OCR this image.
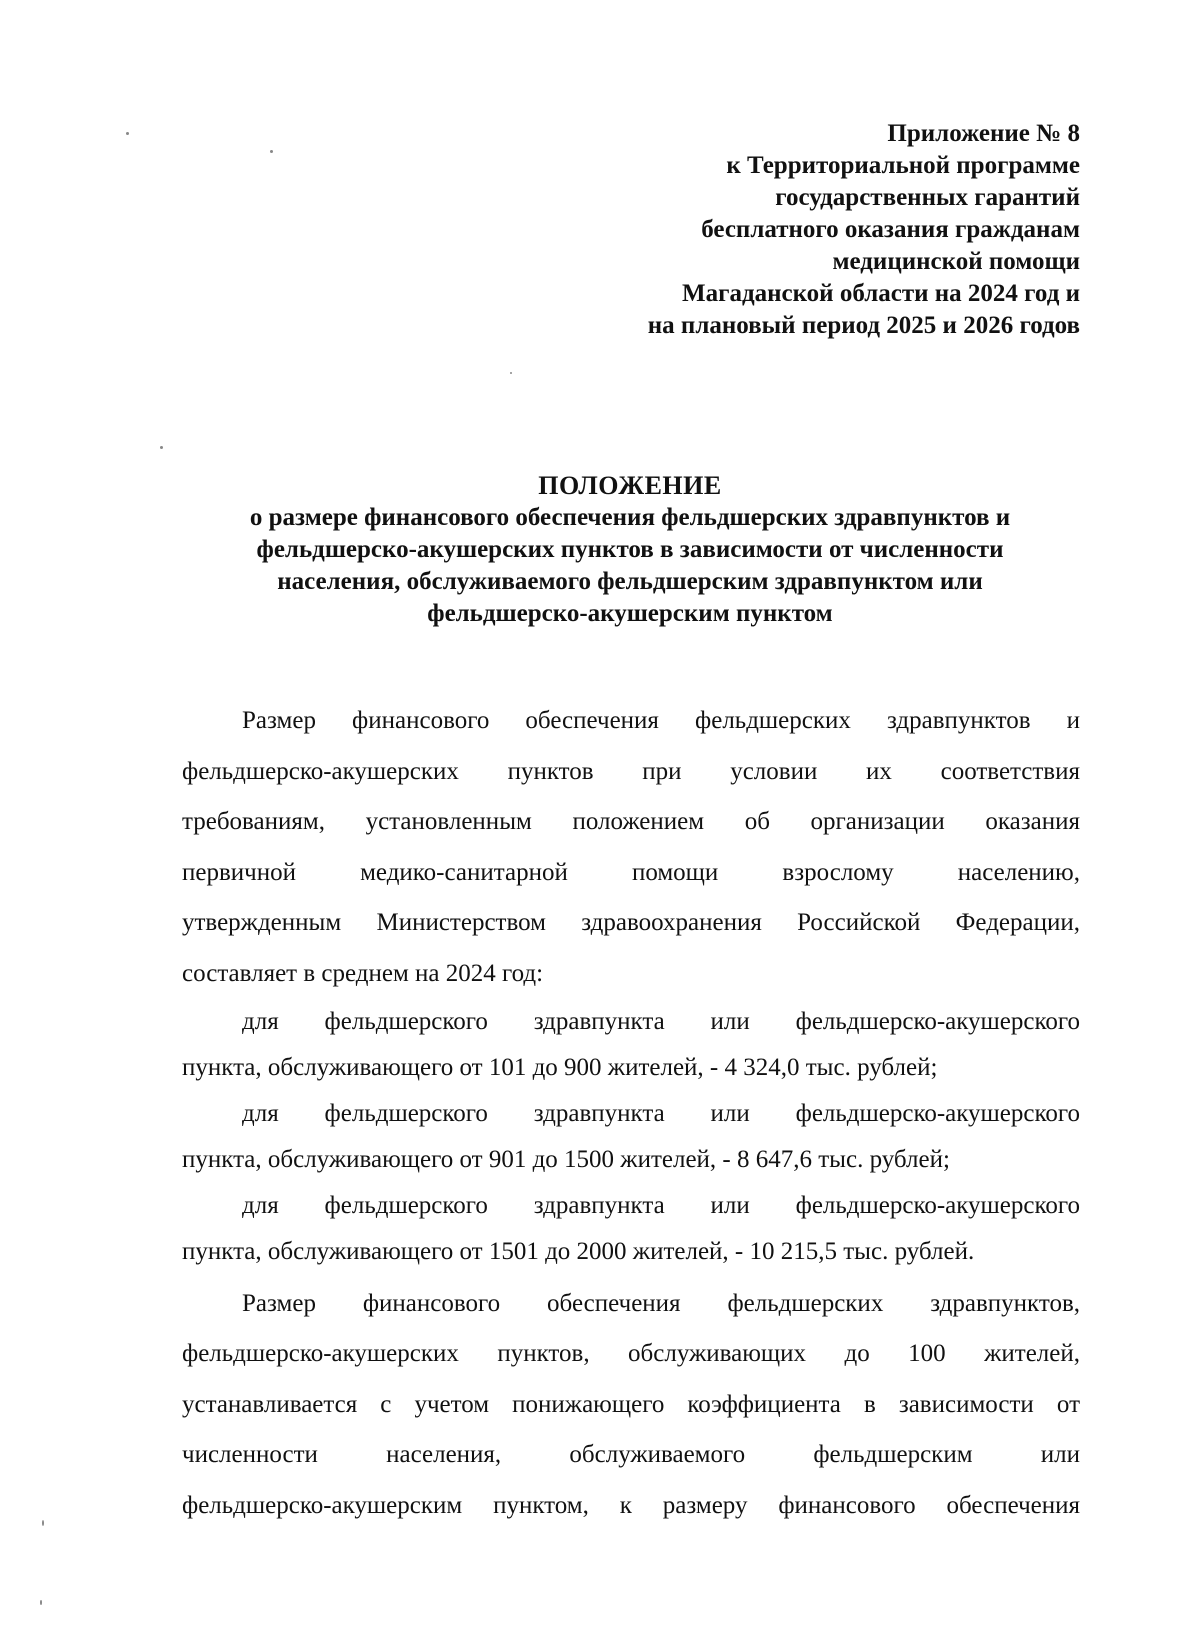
Приложение № 8
к Территориальной программе
государственных гарантий
бесплатного оказания гражданам
медицинской помощи
Магаданской области на 2024 год и
на плановый период 2025 и 2026 годов
ПОЛОЖЕНИЕ
о размере финансового обеспечения фельдшерских здравпунктов и
фельдшерско-акушерских пунктов в зависимости от численности
населения, обслуживаемого фельдшерским здравпунктом или
фельдшерско-акушерским пунктом
Размер финансового обеспечения фельдшерских здравпунктов и
фельдшерско-акушерских пунктов при условии их соответствия
требованиям, установленным положением об организации оказания
первичной медико-санитарной помощи взрослому населению,
утвержденным Министерством здравоохранения Российской Федерации,
составляет в среднем на 2024 год:
для фельдшерского здравпункта или фельдшерско-акушерского
пункта, обслуживающего от 101 до 900 жителей, - 4 324,0 тыс. рублей;
для фельдшерского здравпункта или фельдшерско-акушерского
пункта, обслуживающего от 901 до 1500 жителей, - 8 647,6 тыс. рублей;
для фельдшерского здравпункта или фельдшерско-акушерского
пункта, обслуживающего от 1501 до 2000 жителей, - 10 215,5 тыс. рублей.
Размер финансового обеспечения фельдшерских здравпунктов,
фельдшерско-акушерских пунктов, обслуживающих до 100 жителей,
устанавливается с учетом понижающего коэффициента в зависимости от
численности населения, обслуживаемого фельдшерским или
фельдшерско-акушерским пунктом, к размеру финансового обеспечения
